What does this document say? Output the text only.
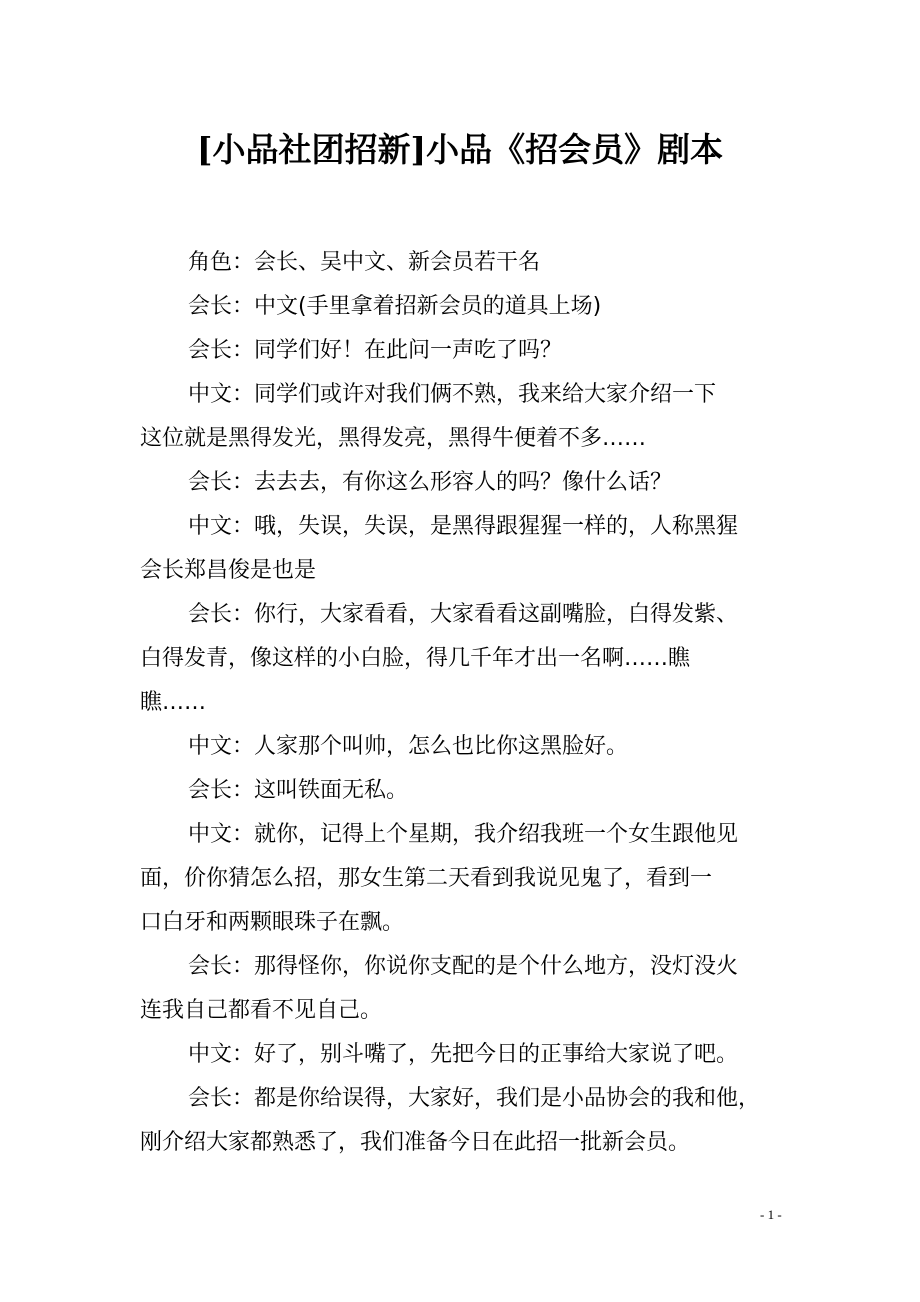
[小品社团招新]小品《招会员》剧本
角色：会长、吴中文、新会员若干名
会长：中文(手里拿着招新会员的道具上场)
会长：同学们好！在此问一声吃了吗？
中文：同学们或许对我们俩不熟，我来给大家介绍一下
这位就是黑得发光，黑得发亮，黑得牛便着不多……
会长：去去去，有你这么形容人的吗？像什么话？
中文：哦，失误，失误，是黑得跟猩猩一样的，人称黑猩
会长郑昌俊是也是
会长：你行，大家看看，大家看看这副嘴脸，白得发紫、
白得发青，像这样的小白脸，得几千年才出一名啊……瞧
瞧……
中文：人家那个叫帅，怎么也比你这黑脸好。
会长：这叫铁面无私。
中文：就你，记得上个星期，我介绍我班一个女生跟他见
面，价你猜怎么招，那女生第二天看到我说见鬼了，看到一
口白牙和两颗眼珠子在飘。
会长：那得怪你，你说你支配的是个什么地方，没灯没火
连我自己都看不见自己。
中文：好了，别斗嘴了，先把今日的正事给大家说了吧。
会长：都是你给误得，大家好，我们是小品协会的我和他，
刚介绍大家都熟悉了，我们准备今日在此招一批新会员。
- 1 -
